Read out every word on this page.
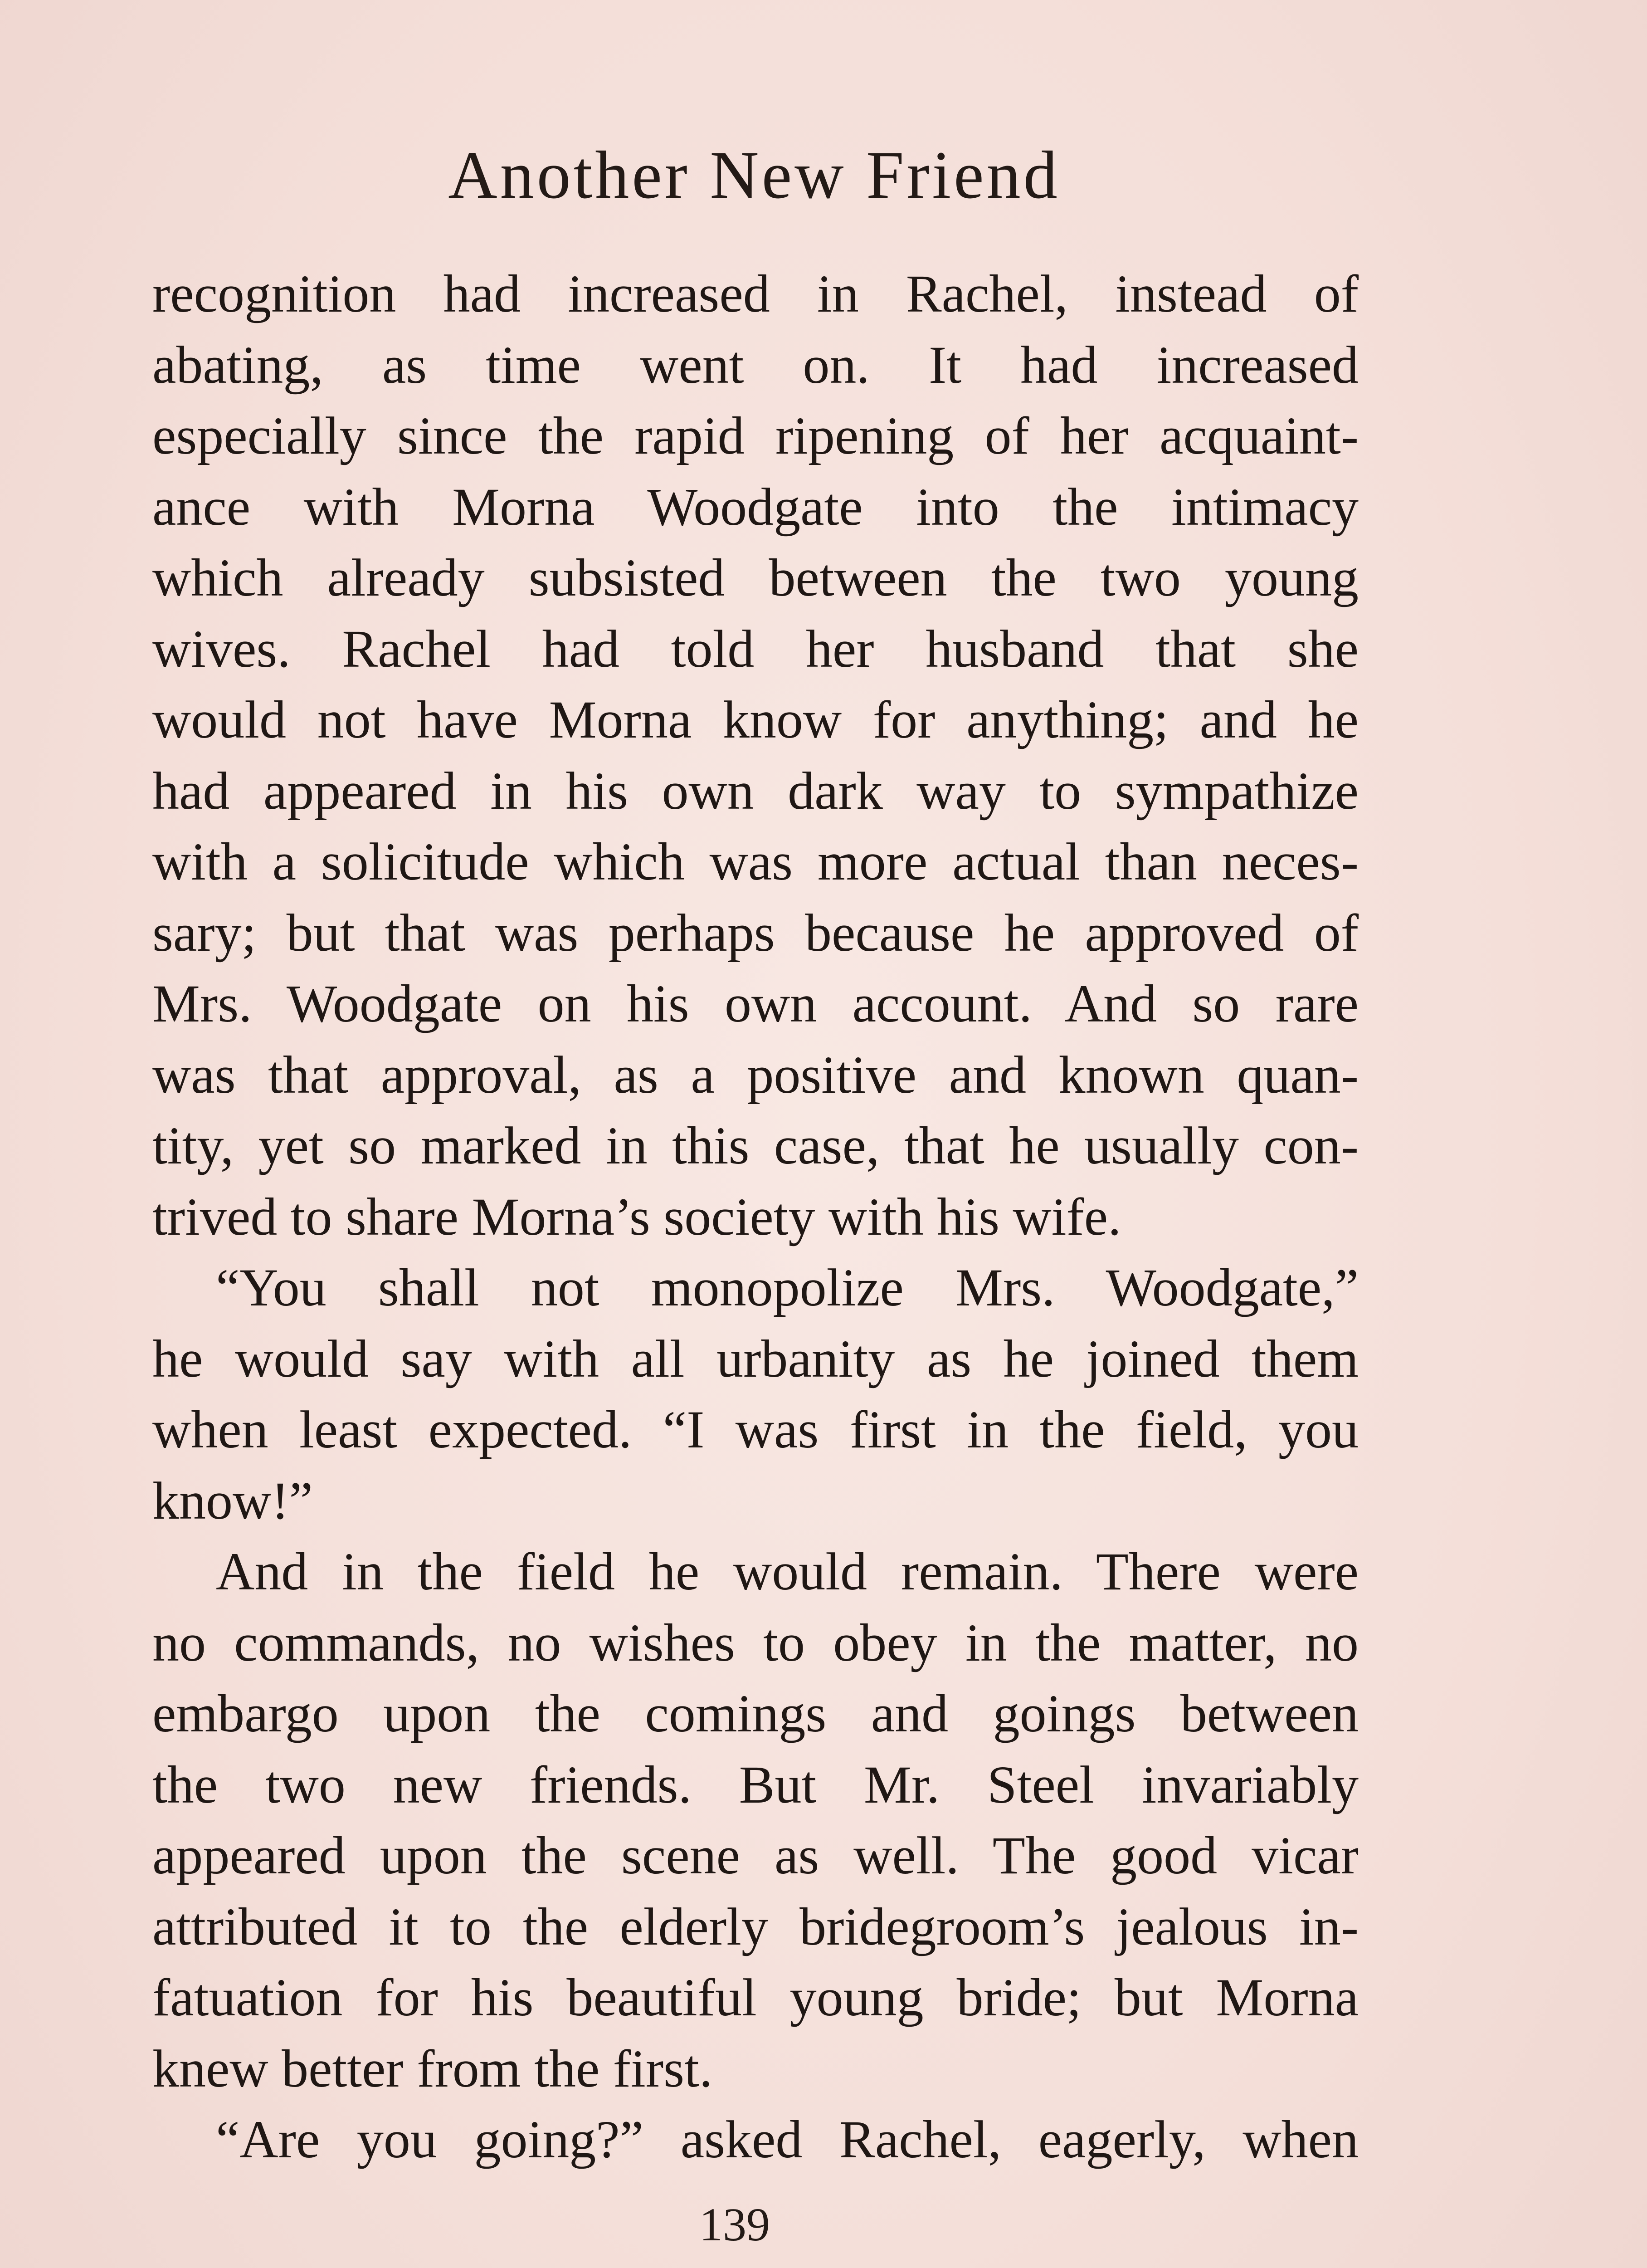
Another New Friend
recognition had increased in Rachel, instead of
abating, as time went on. It had increased
especially since the rapid ripening of her acquaint-
ance with Morna Woodgate into the intimacy
which already subsisted between the two young
wives. Rachel had told her husband that she
would not have Morna know for anything; and he
had appeared in his own dark way to sympathize
with a solicitude which was more actual than neces-
sary; but that was perhaps because he approved of
Mrs. Woodgate on his own account. And so rare
was that approval, as a positive and known quan-
tity, yet so marked in this case, that he usually con-
trived to share Morna’s society with his wife.
“You shall not monopolize Mrs. Woodgate,”
he would say with all urbanity as he joined them
when least expected. “I was first in the field, you
know!”
And in the field he would remain. There were
no commands, no wishes to obey in the matter, no
embargo upon the comings and goings between
the two new friends. But Mr. Steel invariably
appeared upon the scene as well. The good vicar
attributed it to the elderly bridegroom’s jealous in-
fatuation for his beautiful young bride; but Morna
knew better from the first.
“Are you going?” asked Rachel, eagerly, when
139
